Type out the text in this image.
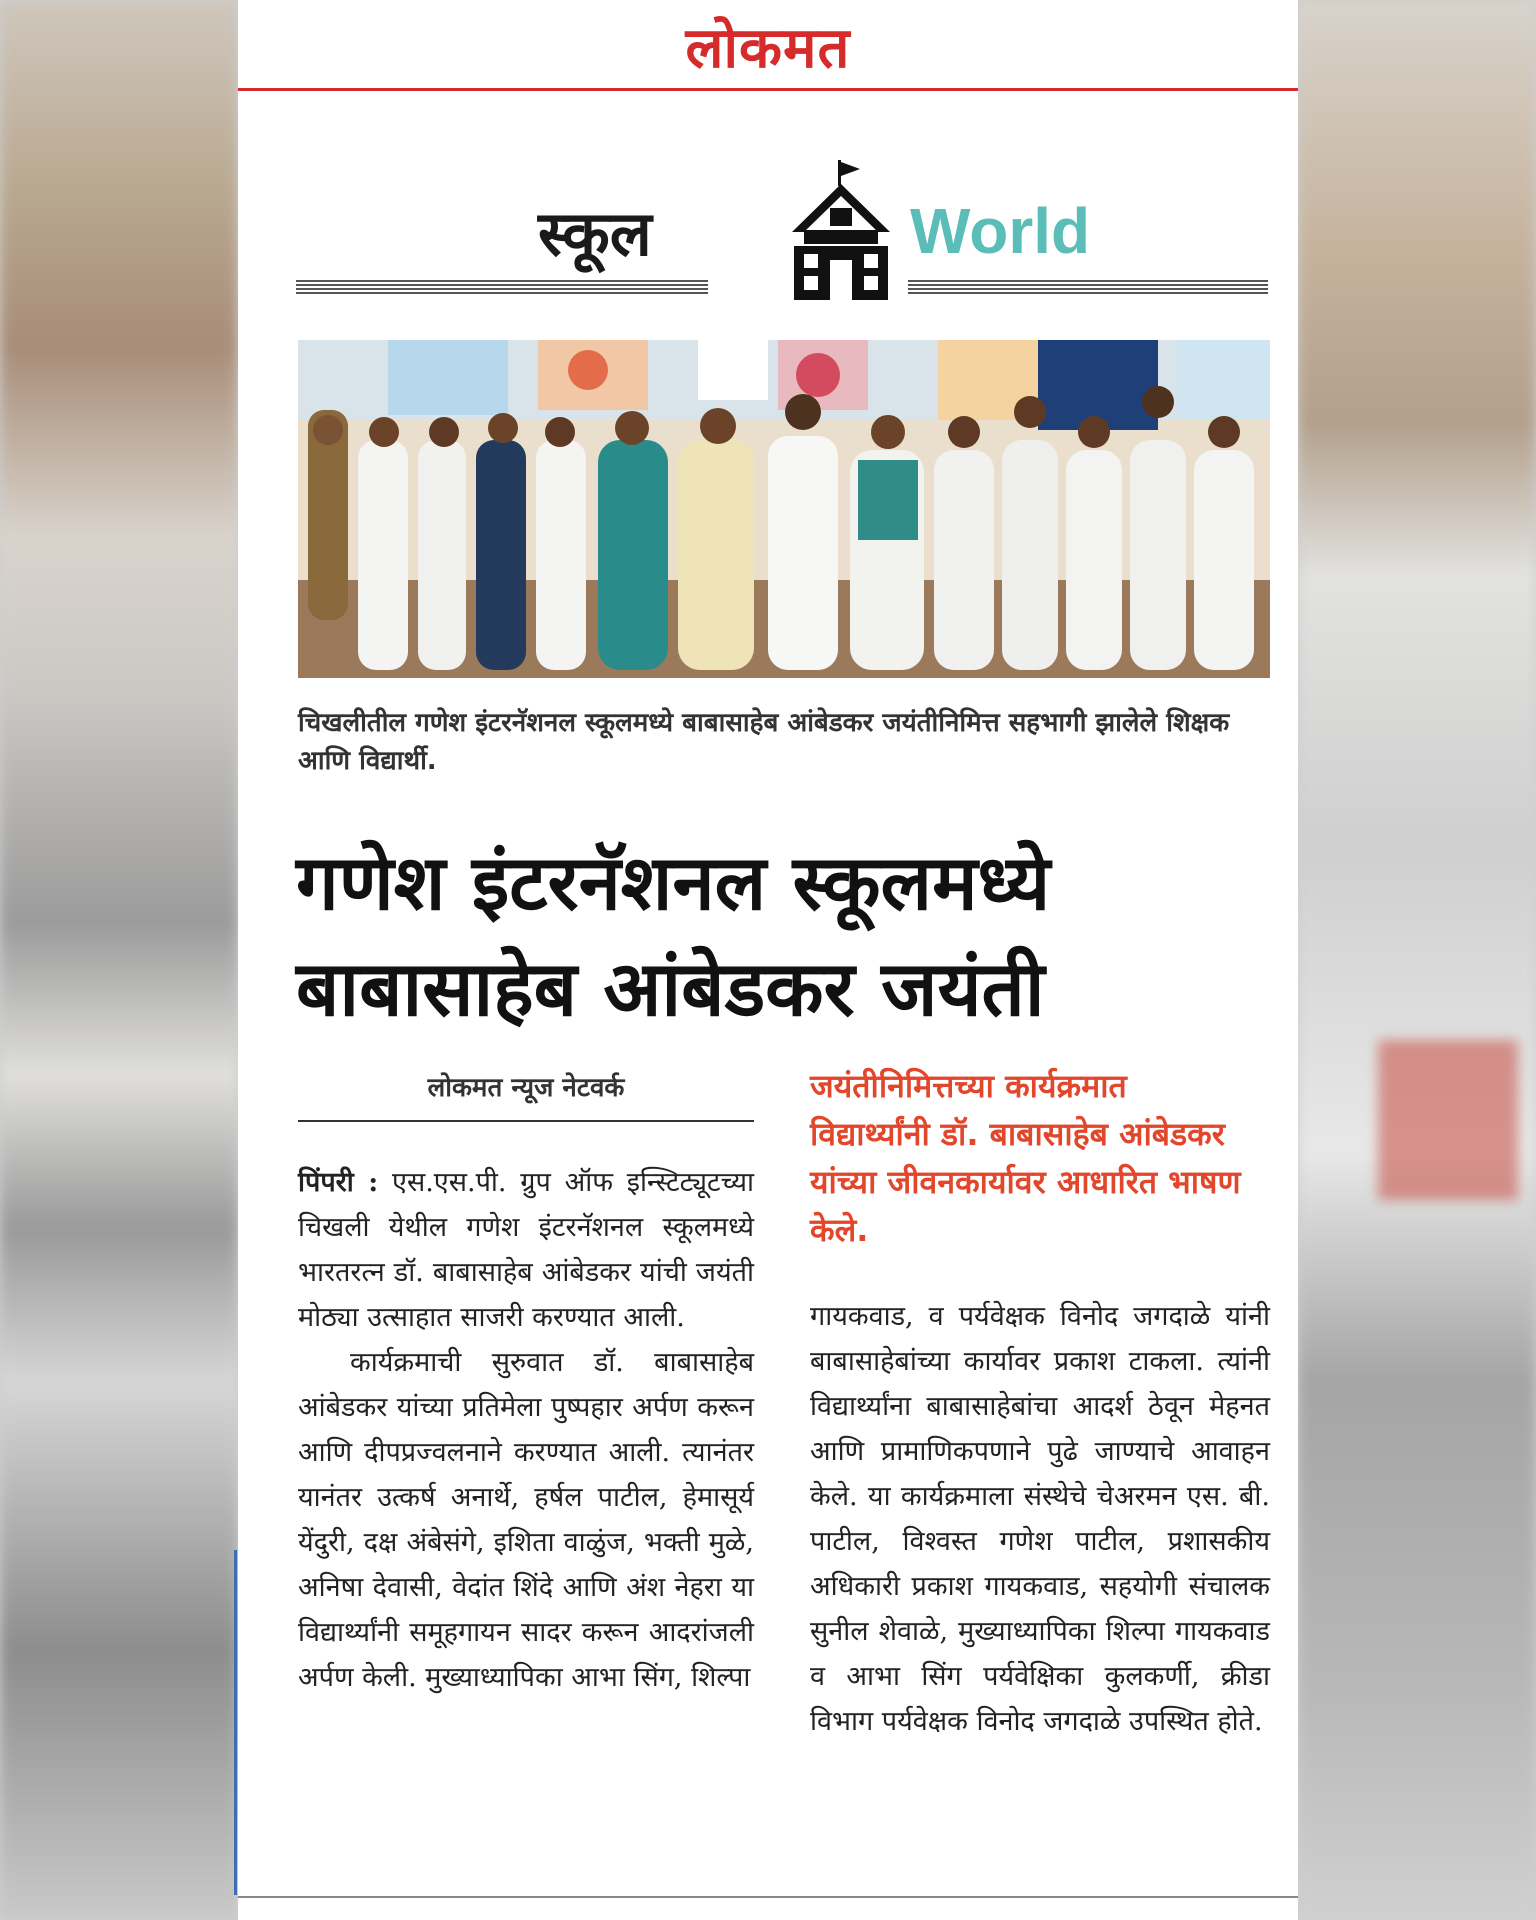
लोकमत
स्कूल	World
चिखलीतील गणेश इंटरनॅशनल स्कूलमध्ये बाबासाहेब आंबेडकर जयंतीनिमित्त सहभागी झालेले शिक्षक आणि विद्यार्थी.
गणेश इंटरनॅशनल स्कूलमध्ये
बाबासाहेब आंबेडकर जयंती
लोकमत न्यूज नेटवर्क	जयंतीनिमित्तच्या कार्यक्रमात विद्यार्थ्यांनी डॉ. बाबासाहेब आंबेडकर यांच्या जीवनकार्यावर आधारित भाषण केले.

पिंपरी : एस.एस.पी. ग्रुप ऑफ इन्स्टिट्यूटच्या चिखली येथील गणेश इंटरनॅशनल स्कूलमध्ये भारतरत्न डॉ. बाबासाहेब आंबेडकर यांची जयंती मोठ्या उत्साहात साजरी करण्यात आली.

कार्यक्रमाची सुरुवात डॉ. बाबासाहेब आंबेडकर यांच्या प्रतिमेला पुष्पहार अर्पण करून आणि दीपप्रज्वलनाने करण्यात आली. त्यानंतर यानंतर उत्कर्ष अनार्थे, हर्षल पाटील, हेमासूर्य येंदुरी, दक्ष अंबेसंगे, इशिता वाळुंज, भक्ती मुळे, अनिषा देवासी, वेदांत शिंदे आणि अंश नेहरा या विद्यार्थ्यांनी समूहगायन सादर करून आदरांजली अर्पण केली. मुख्याध्यापिका आभा सिंग, शिल्पा

गायकवाड, व पर्यवेक्षक विनोद जगदाळे यांनी बाबासाहेबांच्या कार्यावर प्रकाश टाकला. त्यांनी विद्यार्थ्यांना बाबासाहेबांचा आदर्श ठेवून मेहनत आणि प्रामाणिकपणाने पुढे जाण्याचे आवाहन केले. या कार्यक्रमाला संस्थेचे चेअरमन एस. बी. पाटील, विश्वस्त गणेश पाटील, प्रशासकीय अधिकारी प्रकाश गायकवाड, सहयोगी संचालक सुनील शेवाळे, मुख्याध्यापिका शिल्पा गायकवाड व आभा सिंग पर्यवेक्षिका कुलकर्णी, क्रीडा विभाग पर्यवेक्षक विनोद जगदाळे उपस्थित होते.
